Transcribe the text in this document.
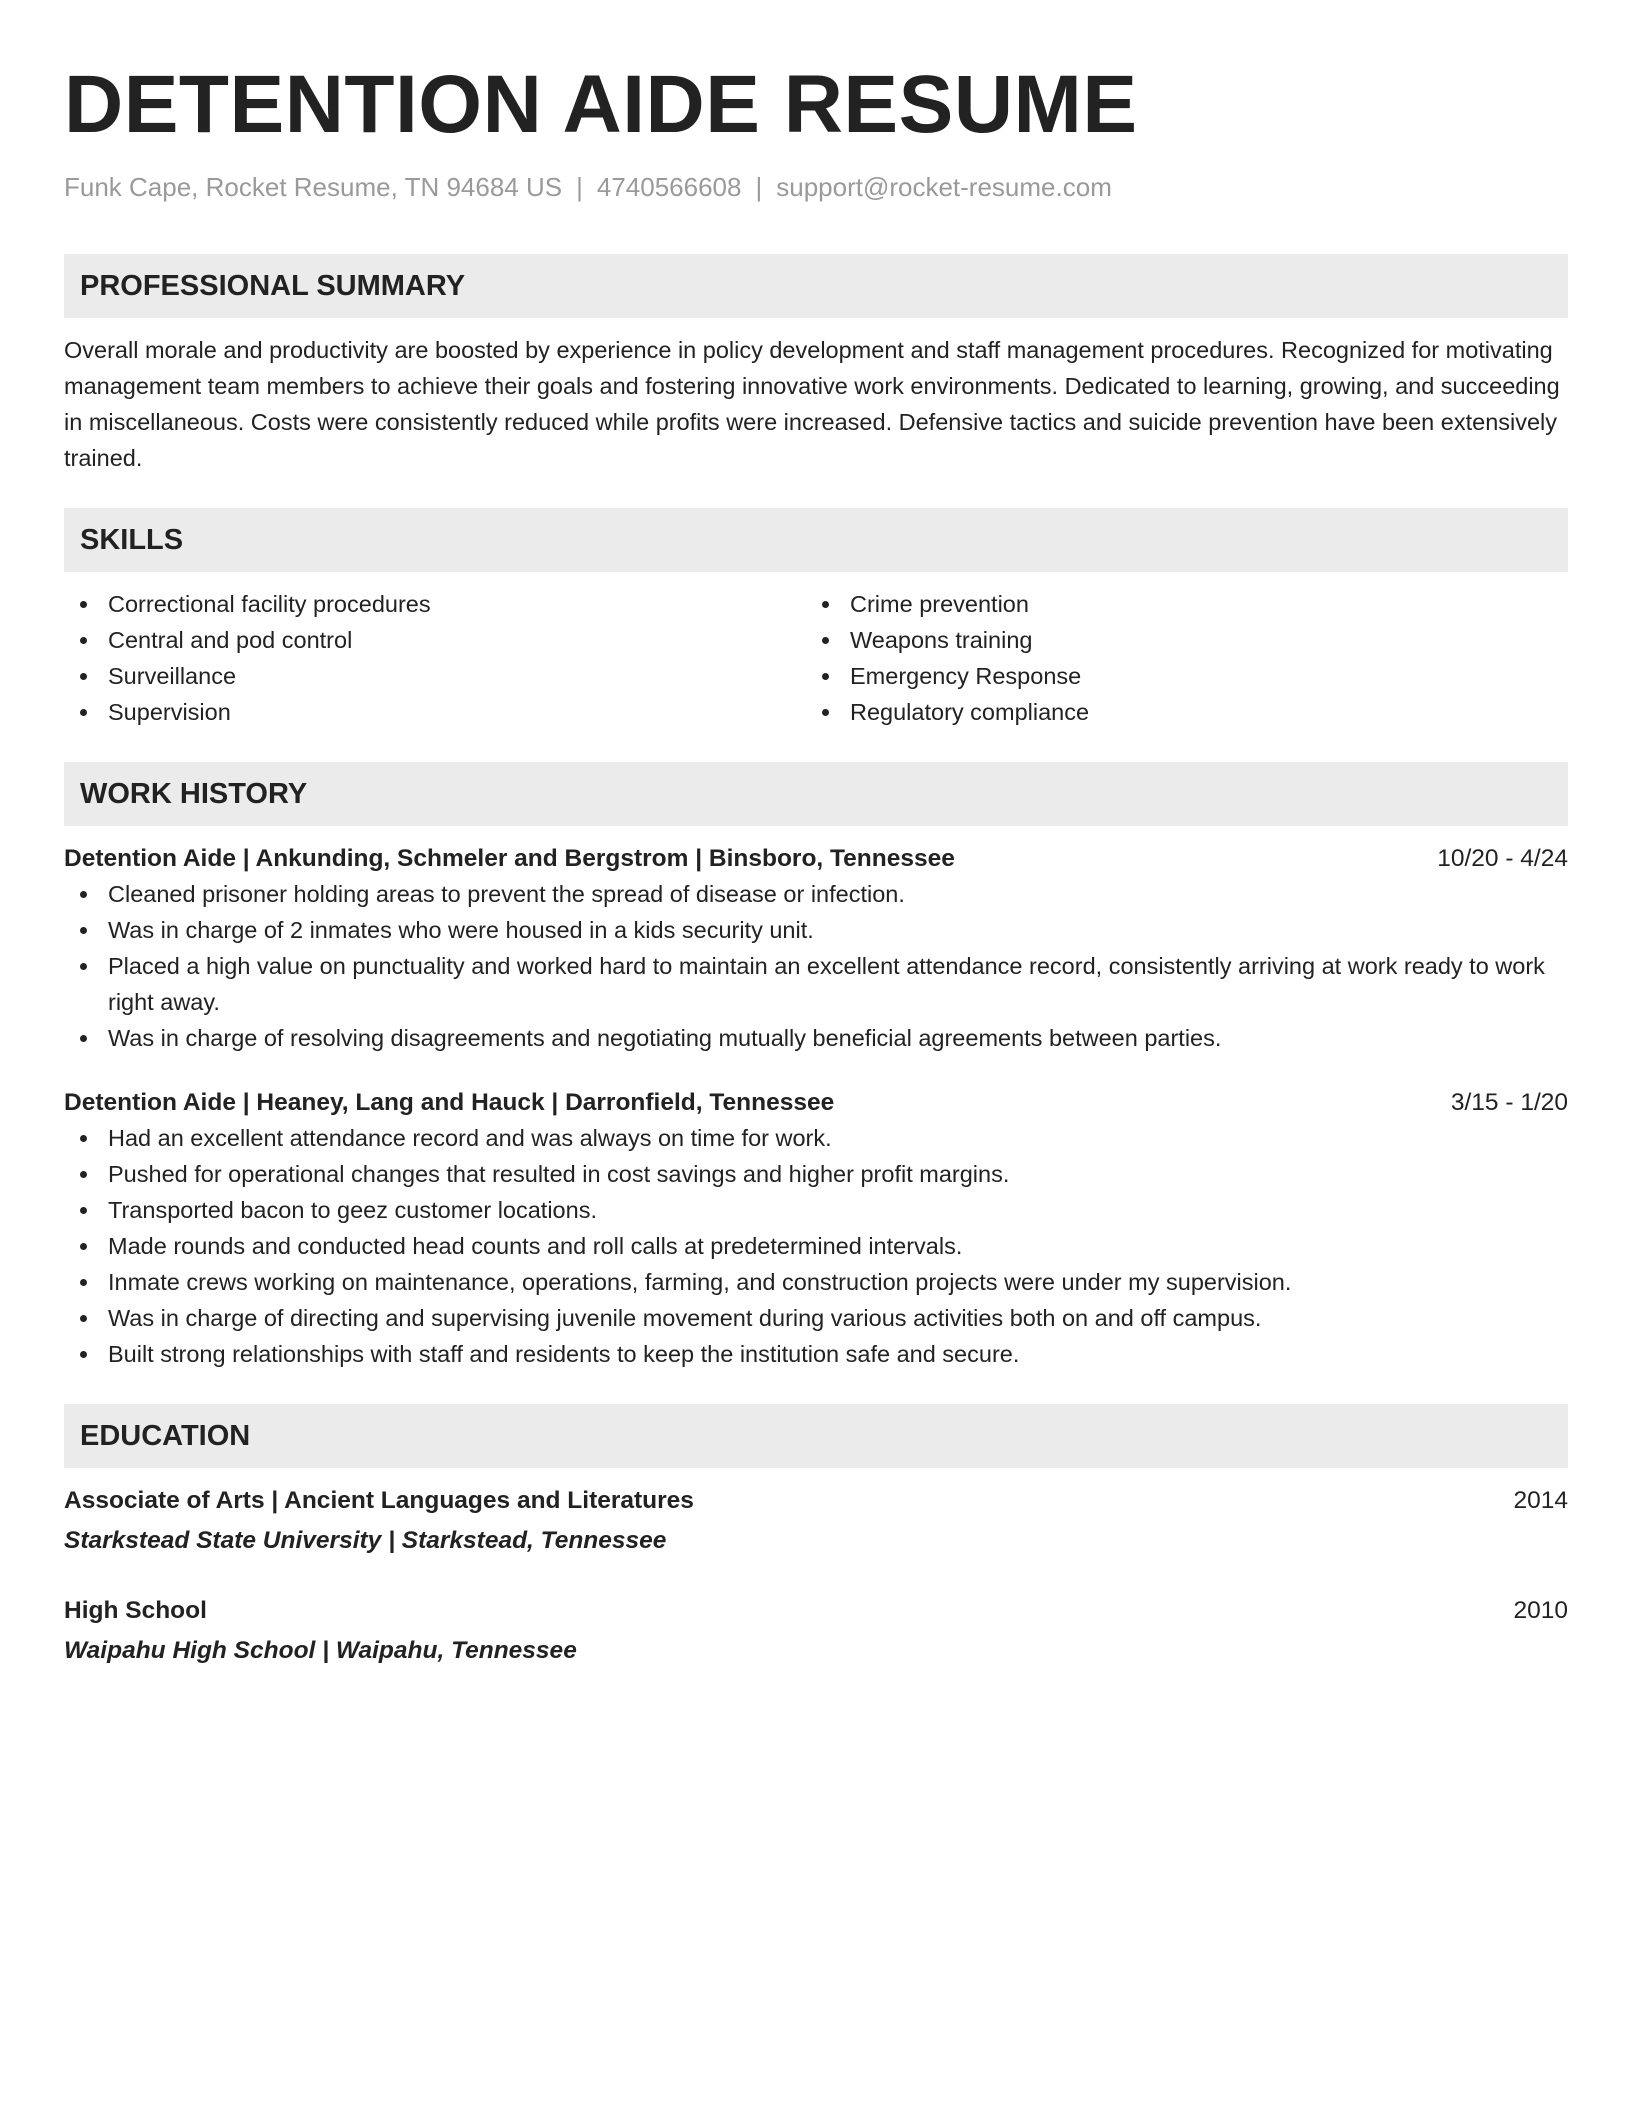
DETENTION AIDE RESUME
Funk Cape, Rocket Resume, TN 94684 US | 4740566608 | support@rocket-resume.com
PROFESSIONAL SUMMARY
Overall morale and productivity are boosted by experience in policy development and staff management procedures. Recognized for motivating management team members to achieve their goals and fostering innovative work environments. Dedicated to learning, growing, and succeeding in miscellaneous. Costs were consistently reduced while profits were increased. Defensive tactics and suicide prevention have been extensively trained.
SKILLS
Correctional facility procedures
Central and pod control
Surveillance
Supervision
Crime prevention
Weapons training
Emergency Response
Regulatory compliance
WORK HISTORY
Detention Aide | Ankunding, Schmeler and Bergstrom | Binsboro, Tennessee	10/20 - 4/24
Cleaned prisoner holding areas to prevent the spread of disease or infection.
Was in charge of 2 inmates who were housed in a kids security unit.
Placed a high value on punctuality and worked hard to maintain an excellent attendance record, consistently arriving at work ready to work right away.
Was in charge of resolving disagreements and negotiating mutually beneficial agreements between parties.
Detention Aide | Heaney, Lang and Hauck | Darronfield, Tennessee	3/15 - 1/20
Had an excellent attendance record and was always on time for work.
Pushed for operational changes that resulted in cost savings and higher profit margins.
Transported bacon to geez customer locations.
Made rounds and conducted head counts and roll calls at predetermined intervals.
Inmate crews working on maintenance, operations, farming, and construction projects were under my supervision.
Was in charge of directing and supervising juvenile movement during various activities both on and off campus.
Built strong relationships with staff and residents to keep the institution safe and secure.
EDUCATION
Associate of Arts | Ancient Languages and Literatures	2014
Starkstead State University | Starkstead, Tennessee
High School	2010
Waipahu High School | Waipahu, Tennessee
